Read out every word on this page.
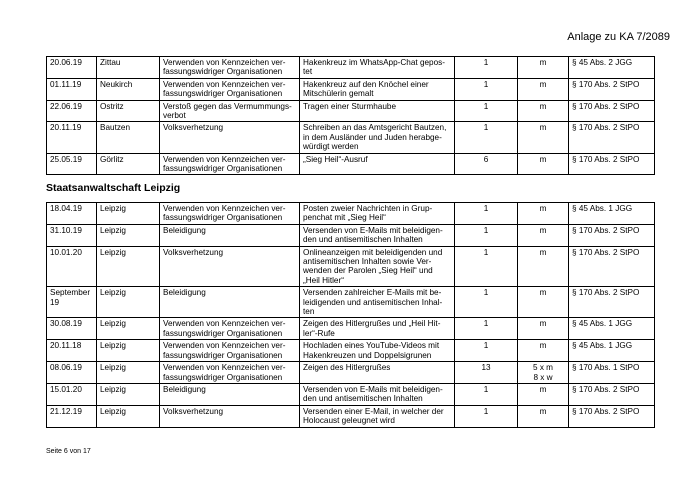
Anlage zu KA 7/2089
20.06.19	Zittau	Verwenden von Kennzeichen ver-
fassungswidriger Organisationen	Hakenkreuz im WhatsApp-Chat gepos-
tet	1	m	§ 45 Abs. 2 JGG
01.11.19	Neukirch	Verwenden von Kennzeichen ver-
fassungswidriger Organisationen	Hakenkreuz auf den Knöchel einer
Mitschülerin gemalt	1	m	§ 170 Abs. 2 StPO
22.06.19	Ostritz	Verstoß gegen das Vermummungs-
verbot	Tragen einer Sturmhaube	1	m	§ 170 Abs. 2 StPO
20.11.19	Bautzen	Volksverhetzung	Schreiben an das Amtsgericht Bautzen,
in dem Ausländer und Juden herabge-
würdigt werden	1	m	§ 170 Abs. 2 StPO
25.05.19	Görlitz	Verwenden von Kennzeichen ver-
fassungswidriger Organisationen	„Sieg Heil“-Ausruf	6	m	§ 170 Abs. 2 StPO
Staatsanwaltschaft Leipzig
18.04.19	Leipzig	Verwenden von Kennzeichen ver-
fassungswidriger Organisationen	Posten zweier Nachrichten in Grup-
penchat mit „Sieg Heil“	1	m	§ 45 Abs. 1 JGG
31.10.19	Leipzig	Beleidigung	Versenden von E-Mails mit beleidigen-
den und antisemitischen Inhalten	1	m	§ 170 Abs. 2 StPO
10.01.20	Leipzig	Volksverhetzung	Onlineanzeigen mit beleidigenden und
antisemitischen Inhalten sowie Ver-
wenden der Parolen „Sieg Heil“ und
„Heil Hitler“	1	m	§ 170 Abs. 2 StPO
September
19	Leipzig	Beleidigung	Versenden zahlreicher E-Mails mit be-
leidigenden und antisemitischen Inhal-
ten	1	m	§ 170 Abs. 2 StPO
30.08.19	Leipzig	Verwenden von Kennzeichen ver-
fassungswidriger Organisationen	Zeigen des Hitlergrußes und „Heil Hit-
ler“-Rufe	1	m	§ 45 Abs. 1 JGG
20.11.18	Leipzig	Verwenden von Kennzeichen ver-
fassungswidriger Organisationen	Hochladen eines YouTube-Videos mit
Hakenkreuzen und Doppelsigrunen	1	m	§ 45 Abs. 1 JGG
08.06.19	Leipzig	Verwenden von Kennzeichen ver-
fassungswidriger Organisationen	Zeigen des Hitlergrußes	13	5 x m
8 x w	§ 170 Abs. 1 StPO
15.01.20	Leipzig	Beleidigung	Versenden von E-Mails mit beleidigen-
den und antisemitischen Inhalten	1	m	§ 170 Abs. 2 StPO
21.12.19	Leipzig	Volksverhetzung	Versenden einer E-Mail, in welcher der
Holocaust geleugnet wird	1	m	§ 170 Abs. 2 StPO
Seite 6 von 17
